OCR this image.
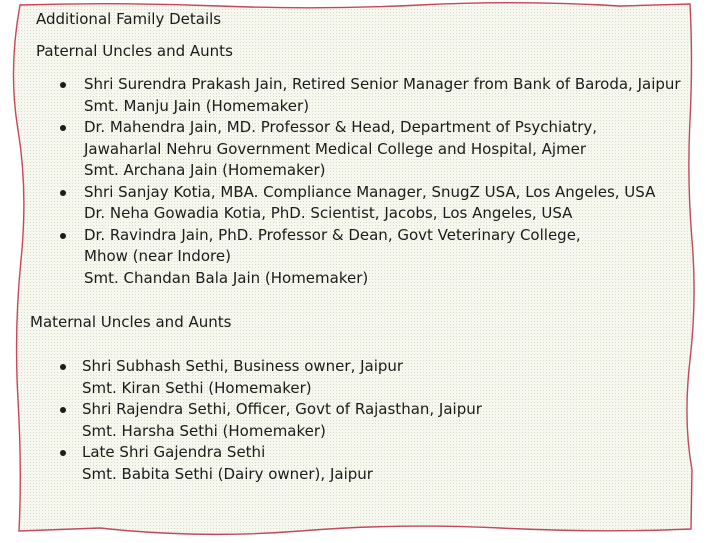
Additional Family Details
Paternal Uncles and Aunts
Shri Surendra Prakash Jain, Retired Senior Manager from Bank of Baroda, Jaipur
Smt. Manju Jain (Homemaker)
Dr. Mahendra Jain, MD. Professor & Head, Department of Psychiatry,
Jawaharlal Nehru Government Medical College and Hospital, Ajmer
Smt. Archana Jain (Homemaker)
Shri Sanjay Kotia, MBA. Compliance Manager, SnugZ USA, Los Angeles, USA
Dr. Neha Gowadia Kotia, PhD. Scientist, Jacobs, Los Angeles, USA
Dr. Ravindra Jain, PhD. Professor & Dean, Govt Veterinary College,
Mhow (near Indore)
Smt. Chandan Bala Jain (Homemaker)
Maternal Uncles and Aunts
Shri Subhash Sethi, Business owner, Jaipur
Smt. Kiran Sethi (Homemaker)
Shri Rajendra Sethi, Officer, Govt of Rajasthan, Jaipur
Smt. Harsha Sethi (Homemaker)
Late Shri Gajendra Sethi
Smt. Babita Sethi (Dairy owner), Jaipur
